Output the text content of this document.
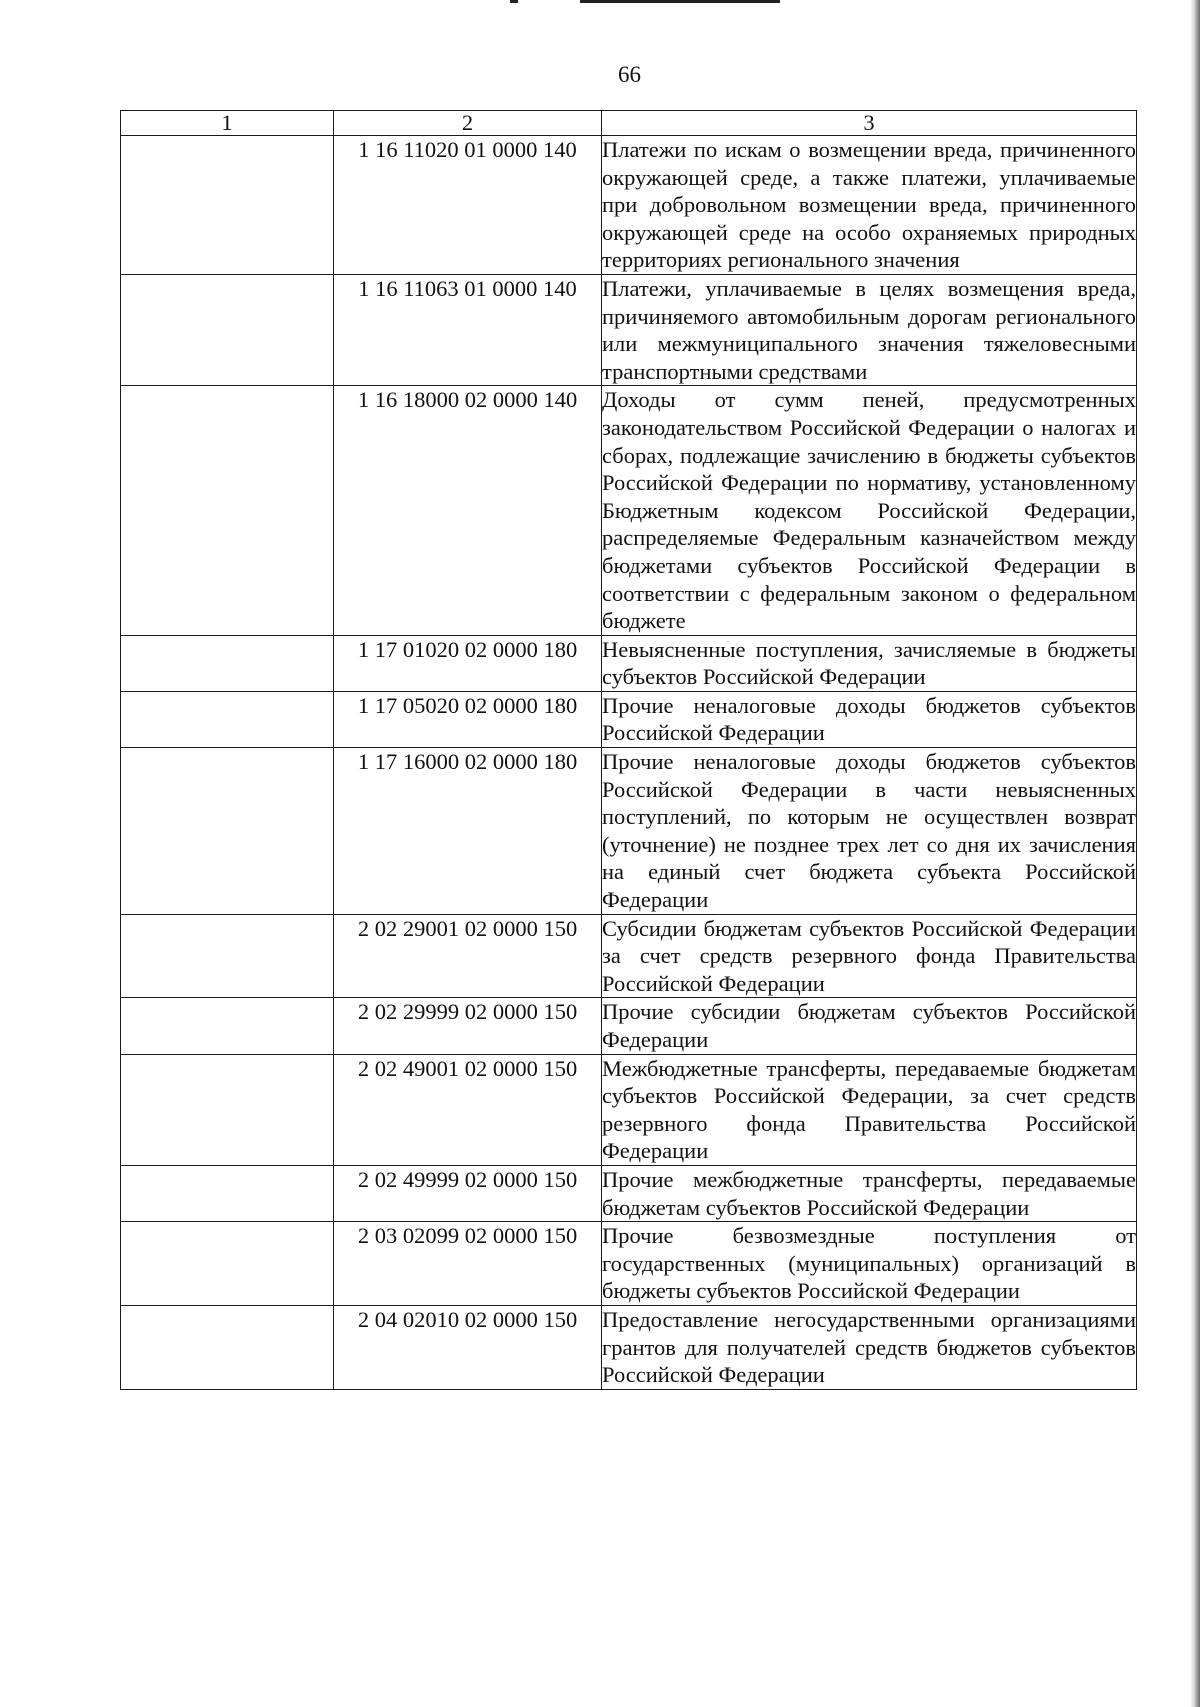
66
1	2	3
	1 16 11020 01 0000 140	Платежи по искам о возмещении вреда, причиненного окружающей среде, а также платежи, уплачиваемые при добровольном возмещении вреда, причиненного окружающей среде на особо охраняемых природных территориях регионального значения
	1 16 11063 01 0000 140	Платежи, уплачиваемые в целях возмещения вреда, причиняемого автомобильным дорогам регионального или межмуниципального значения тяжеловесными транспортными средствами
	1 16 18000 02 0000 140	Доходы от сумм пеней, предусмотренных законодательством Российской Федерации о налогах и сборах, подлежащие зачислению в бюджеты субъектов Российской Федерации по нормативу, установленному Бюджетным кодексом Российской Федерации, распределяемые Федеральным казначейством между бюджетами субъектов Российской Федерации в соответствии с федеральным законом о федеральном бюджете
	1 17 01020 02 0000 180	Невыясненные поступления, зачисляемые в бюджеты субъектов Российской Федерации
	1 17 05020 02 0000 180	Прочие неналоговые доходы бюджетов субъектов Российской Федерации
	1 17 16000 02 0000 180	Прочие неналоговые доходы бюджетов субъектов Российской Федерации в части невыясненных поступлений, по которым не осуществлен возврат (уточнение) не позднее трех лет со дня их зачисления на единый счет бюджета субъекта Российской Федерации
	2 02 29001 02 0000 150	Субсидии бюджетам субъектов Российской Федерации за счет средств резервного фонда Правительства Российской Федерации
	2 02 29999 02 0000 150	Прочие субсидии бюджетам субъектов Российской Федерации
	2 02 49001 02 0000 150	Межбюджетные трансферты, передаваемые бюджетам субъектов Российской Федерации, за счет средств резервного фонда Правительства Российской Федерации
	2 02 49999 02 0000 150	Прочие межбюджетные трансферты, передаваемые бюджетам субъектов Российской Федерации
	2 03 02099 02 0000 150	Прочие безвозмездные поступления от государственных (муниципальных) организаций в бюджеты субъектов Российской Федерации
	2 04 02010 02 0000 150	Предоставление негосударственными организациями грантов для получателей средств бюджетов субъектов Российской Федерации
